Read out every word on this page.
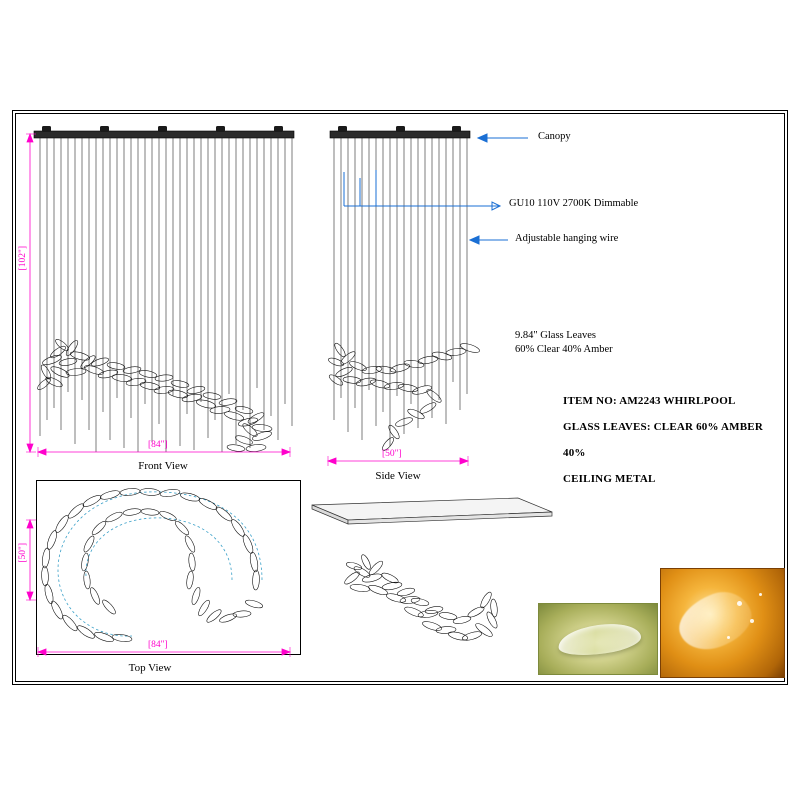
[102"]
[84"]
[50"]
[84"]
[50"]
Front View
Side View
Top View
Canopy
GU10 110V 2700K Dimmable
Adjustable hanging wire
9.84" Glass Leaves
60% Clear 40% Amber
ITEM NO: AM2243 WHIRLPOOL
GLASS LEAVES: CLEAR 60% AMBER
40%
CEILING METAL
